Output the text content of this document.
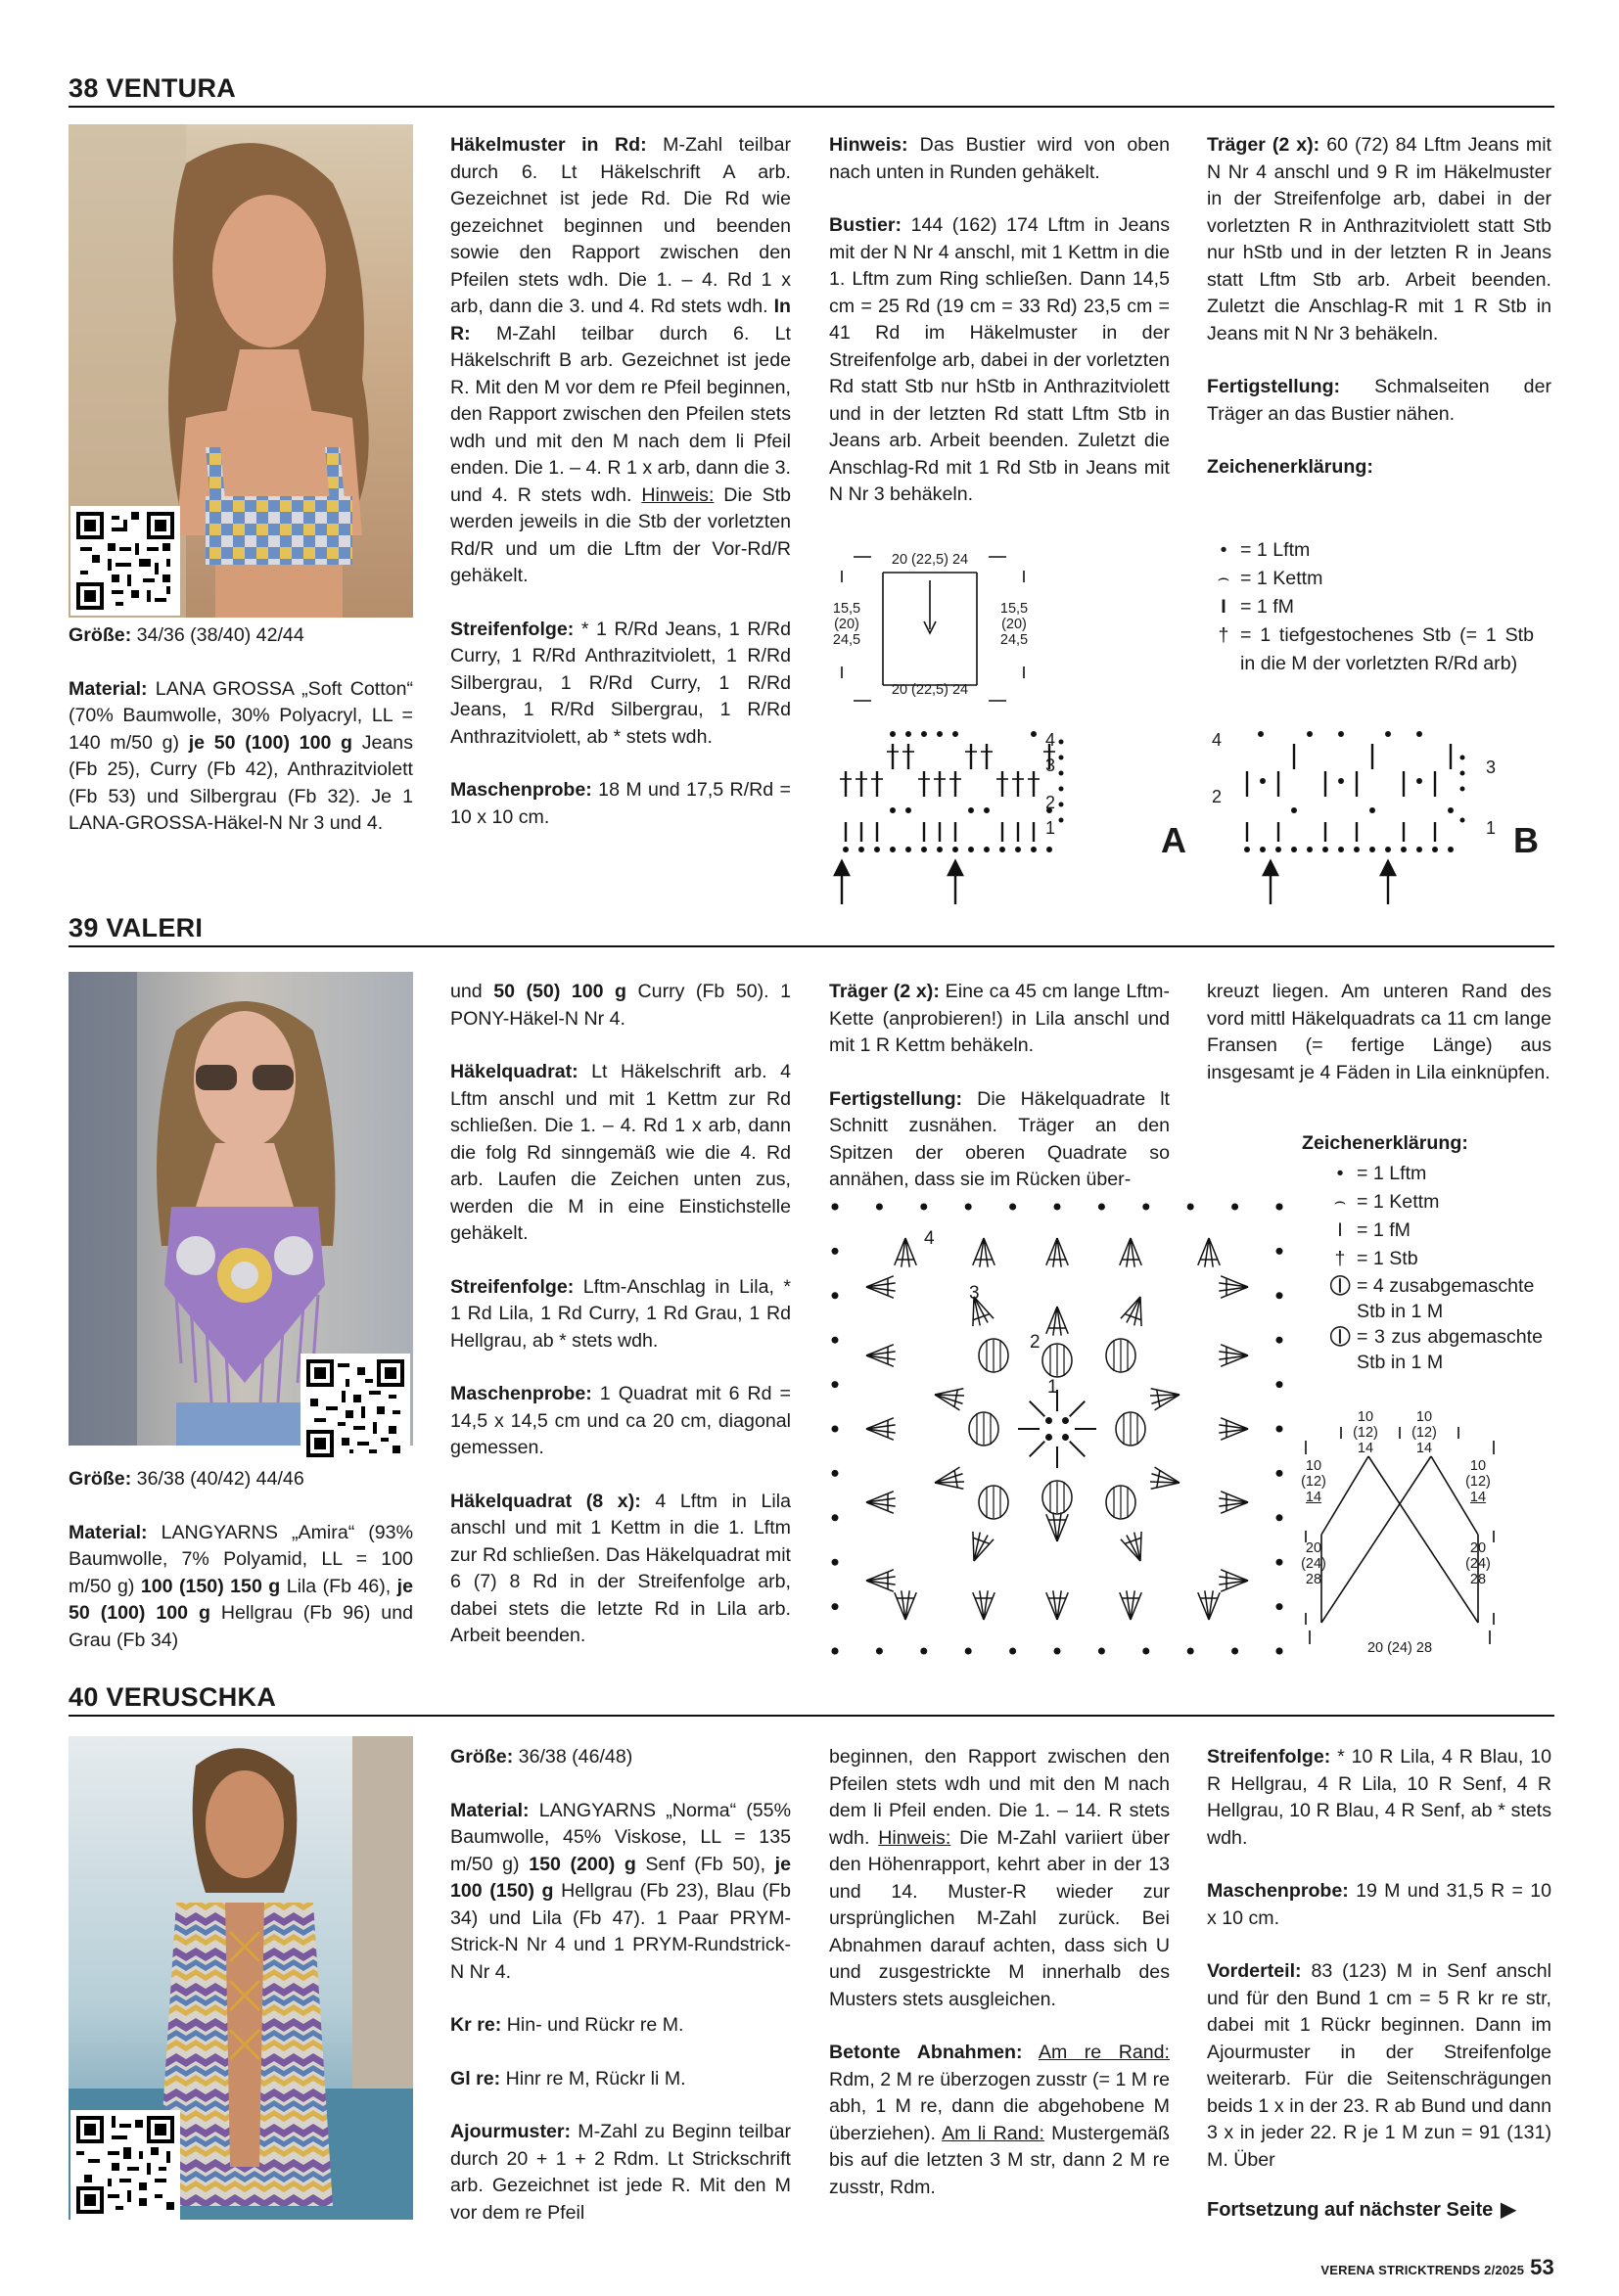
38 VENTURA

Größe: 34/36 (38/40) 42/44

Material: LANA GROSSA „Soft Cotton“ (70% Baumwolle, 30% Polyacryl, LL = 140 m/50 g) je 50 (100) 100 g Jeans (Fb 25), Curry (Fb 42), Anthrazitviolett (Fb 53) und Silbergrau (Fb 32). Je 1 LANA-GROSSA-Häkel-N Nr 3 und 4.

Häkelmuster in Rd: M-Zahl teilbar durch 6. Lt Häkelschrift A arb. Gezeichnet ist jede Rd. Die Rd wie gezeichnet beginnen und beenden sowie den Rapport zwischen den Pfeilen stets wdh. Die 1. – 4. Rd 1 x arb, dann die 3. und 4. Rd stets wdh. In R: M-Zahl teilbar durch 6. Lt Häkelschrift B arb. Gezeichnet ist jede R. Mit den M vor dem re Pfeil beginnen, den Rapport zwischen den Pfeilen stets wdh und mit den M nach dem li Pfeil enden. Die 1. – 4. R 1 x arb, dann die 3. und 4. R stets wdh. Hinweis: Die Stb werden jeweils in die Stb der vorletzten Rd/R und um die Lftm der Vor-Rd/R gehäkelt.

Streifenfolge: * 1 R/Rd Jeans, 1 R/Rd Curry, 1 R/Rd Anthrazitviolett, 1 R/Rd Silbergrau, 1 R/Rd Curry, 1 R/Rd Jeans, 1 R/Rd Silbergrau, 1 R/Rd Anthrazitviolett, ab * stets wdh.

Maschenprobe: 18 M und 17,5 R/Rd = 10 x 10 cm.

Hinweis: Das Bustier wird von oben nach unten in Runden gehäkelt.

Bustier: 144 (162) 174 Lftm in Jeans mit der N Nr 4 anschl, mit 1 Kettm in die 1. Lftm zum Ring schließen. Dann 14,5 cm = 25 Rd (19 cm = 33 Rd) 23,5 cm = 41 Rd im Häkelmuster in der Streifenfolge arb, dabei in der vorletzten Rd statt Stb nur hStb in Anthrazitviolett und in der letzten Rd statt Lftm Stb in Jeans arb. Arbeit beenden. Zuletzt die Anschlag-Rd mit 1 Rd Stb in Jeans mit N Nr 3 behäkeln.

Träger (2 x): 60 (72) 84 Lftm Jeans mit N Nr 4 anschl und 9 R im Häkelmuster in der Streifenfolge arb, dabei in der vorletzten R in Anthrazitviolett statt Stb nur hStb und in der letzten R in Jeans statt Lftm Stb arb. Arbeit beenden. Zuletzt die Anschlag-R mit 1 R Stb in Jeans mit N Nr 3 behäkeln.

Fertigstellung: Schmalseiten der Träger an das Bustier nähen.

Zeichenerklärung:

• = 1 Lftm
⌢ = 1 Kettm
I = 1 fM
† = 1 tiefgestochenes Stb (= 1 Stb in die M der vorletzten R/Rd arb)
20 (22,5) 24
20 (22,5) 24
15,5
(20)
24,5
15,5
(20)
24,5
4
3
2
1	A
4
3
2
1 B
39 VALERI

Größe: 36/38 (40/42) 44/46

Material: LANGYARNS „Amira“ (93% Baumwolle, 7% Polyamid, LL = 100 m/50 g) 100 (150) 150 g Lila (Fb 46), je 50 (100) 100 g Hellgrau (Fb 96) und Grau (Fb 34)

und 50 (50) 100 g Curry (Fb 50). 1 PONY-Häkel-N Nr 4.

Häkelquadrat: Lt Häkelschrift arb. 4 Lftm anschl und mit 1 Kettm zur Rd schließen. Die 1. – 4. Rd 1 x arb, dann die folg Rd sinngemäß wie die 4. Rd arb. Laufen die Zeichen unten zus, werden die M in eine Einstichstelle gehäkelt.

Streifenfolge: Lftm-Anschlag in Lila, * 1 Rd Lila, 1 Rd Curry, 1 Rd Grau, 1 Rd Hellgrau, ab * stets wdh.

Maschenprobe: 1 Quadrat mit 6 Rd = 14,5 x 14,5 cm und ca 20 cm, diagonal gemessen.

Häkelquadrat (8 x): 4 Lftm in Lila anschl und mit 1 Kettm in die 1. Lftm zur Rd schließen. Das Häkelquadrat mit 6 (7) 8 Rd in der Streifenfolge arb, dabei stets die letzte Rd in Lila arb. Arbeit beenden.

Träger (2 x): Eine ca 45 cm lange Lftm-Kette (anprobieren!) in Lila anschl und mit 1 R Kettm behäkeln.

Fertigstellung: Die Häkelquadrate lt Schnitt zusnähen. Träger an den Spitzen der oberen Quadrate so annähen, dass sie im Rücken über-

kreuzt liegen. Am unteren Rand des vord mittl Häkelquadrats ca 11 cm lange Fransen (= fertige Länge) aus insgesamt je 4 Fäden in Lila einknüpfen.

Zeichenerklärung:
• = 1 Lftm
⌢ = 1 Kettm
I = 1 fM
† = 1 Stb
⦶ = 4 zusabgemaschte Stb in 1 M
⦶ = 3 zus abgemaschte Stb in 1 M
4
3
2
1
10
(12)
14
10
(12)
14
10
(12)
14
20
(24)
28
10
(12)
14
20
(24)
28
20 (24) 28
40 VERUSCHKA

Größe: 36/38 (46/48)

Material: LANGYARNS „Norma“ (55% Baumwolle, 45% Viskose, LL = 135 m/50 g) 150 (200) g Senf (Fb 50), je 100 (150) g Hellgrau (Fb 23), Blau (Fb 34) und Lila (Fb 47). 1 Paar PRYM-Strick-N Nr 4 und 1 PRYM-Rundstrick-N Nr 4.

Kr re: Hin- und Rückr re M.

Gl re: Hinr re M, Rückr li M.

Ajourmuster: M-Zahl zu Beginn teilbar durch 20 + 1 + 2 Rdm. Lt Strickschrift arb. Gezeichnet ist jede R. Mit den M vor dem re Pfeil

beginnen, den Rapport zwischen den Pfeilen stets wdh und mit den M nach dem li Pfeil enden. Die 1. – 14. R stets wdh. Hinweis: Die M-Zahl variiert über den Höhenrapport, kehrt aber in der 13 und 14. Muster-R wieder zur ursprünglichen M-Zahl zurück. Bei Abnahmen darauf achten, dass sich U und zusgestrickte M innerhalb des Musters stets ausgleichen.

Betonte Abnahmen: Am re Rand: Rdm, 2 M re überzogen zusstr (= 1 M re abh, 1 M re, dann die abgehobene M überziehen). Am li Rand: Mustergemäß bis auf die letzten 3 M str, dann 2 M re zusstr, Rdm.

Streifenfolge: * 10 R Lila, 4 R Blau, 10 R Hellgrau, 4 R Lila, 10 R Senf, 4 R Hellgrau, 10 R Blau, 4 R Senf, ab * stets wdh.

Maschenprobe: 19 M und 31,5 R = 10 x 10 cm.

Vorderteil: 83 (123) M in Senf anschl und für den Bund 1 cm = 5 R kr re str, dabei mit 1 Rückr beginnen. Dann im Ajourmuster in der Streifenfolge weiterarb. Für die Seitenschrägungen beids 1 x in der 23. R ab Bund und dann 3 x in jeder 22. R je 1 M zun = 91 (131) M. Über

Fortsetzung auf nächster Seite ▶
VERENA STRICKTRENDS 2/2025 53
